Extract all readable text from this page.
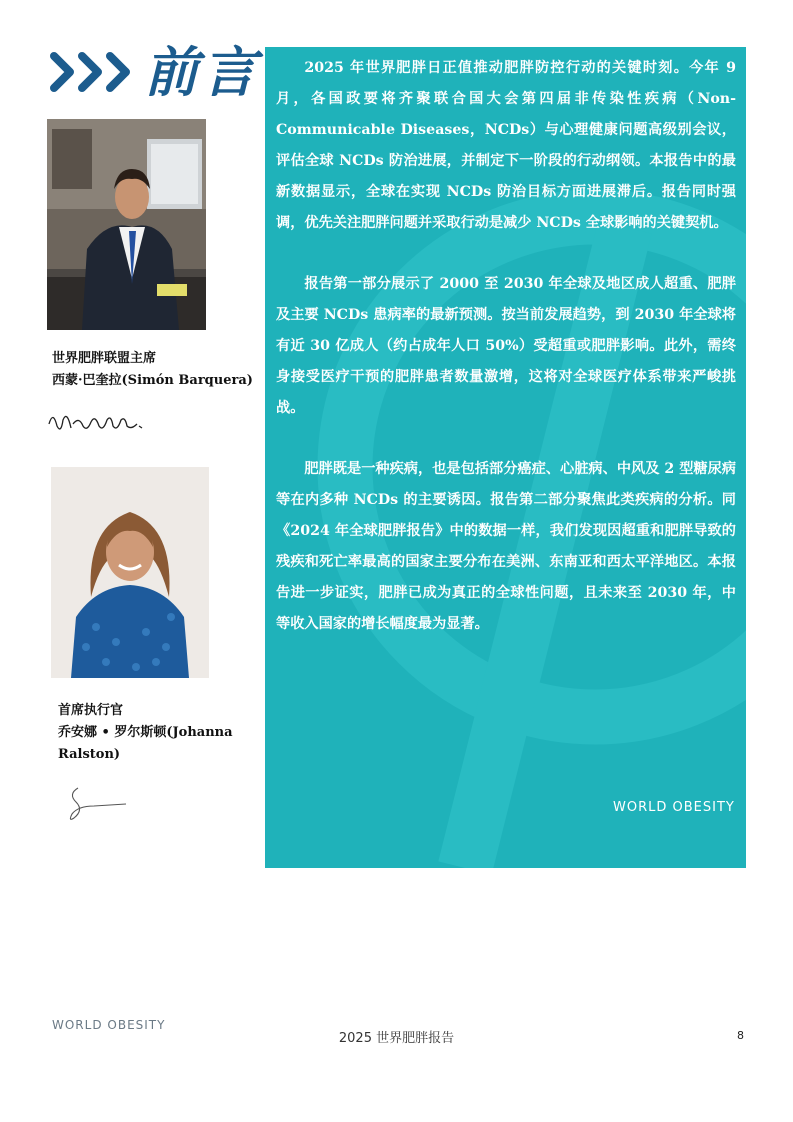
前言
世界肥胖联盟主席
西蒙·巴奎拉(Simón Barquera)
首席执行官
乔安娜 • 罗尔斯顿(Johanna Ralston)

2025 年世界肥胖日正值推动肥胖防控行动的关键时刻。今年 9 月，各国政要将齐聚联合国大会第四届非传染性疾病（Non-Communicable Diseases，NCDs）与心理健康问题高级别会议，评估全球 NCDs 防治进展，并制定下一阶段的行动纲领。本报告中的最新数据显示，全球在实现 NCDs 防治目标方面进展滞后。报告同时强调，优先关注肥胖问题并采取行动是减少 NCDs 全球影响的关键契机。

报告第一部分展示了 2000 至 2030 年全球及地区成人超重、肥胖及主要 NCDs 患病率的最新预测。按当前发展趋势，到 2030 年全球将有近 30 亿成人（约占成年人口 50%）受超重或肥胖影响。此外，需终身接受医疗干预的肥胖患者数量激增，这将对全球医疗体系带来严峻挑战。

肥胖既是一种疾病，也是包括部分癌症、心脏病、中风及 2 型糖尿病等在内多种 NCDs 的主要诱因。报告第二部分聚焦此类疾病的分析。同《2024 年全球肥胖报告》中的数据一样，我们发现因超重和肥胖导致的残疾和死亡率最高的国家主要分布在美洲、东南亚和西太平洋地区。本报告进一步证实，肥胖已成为真正的全球性问题，且未来至 2030 年，中等收入国家的增长幅度最为显著。

WORLD OBESITY
WORLD OBESITY
2025 世界肥胖报告	8
